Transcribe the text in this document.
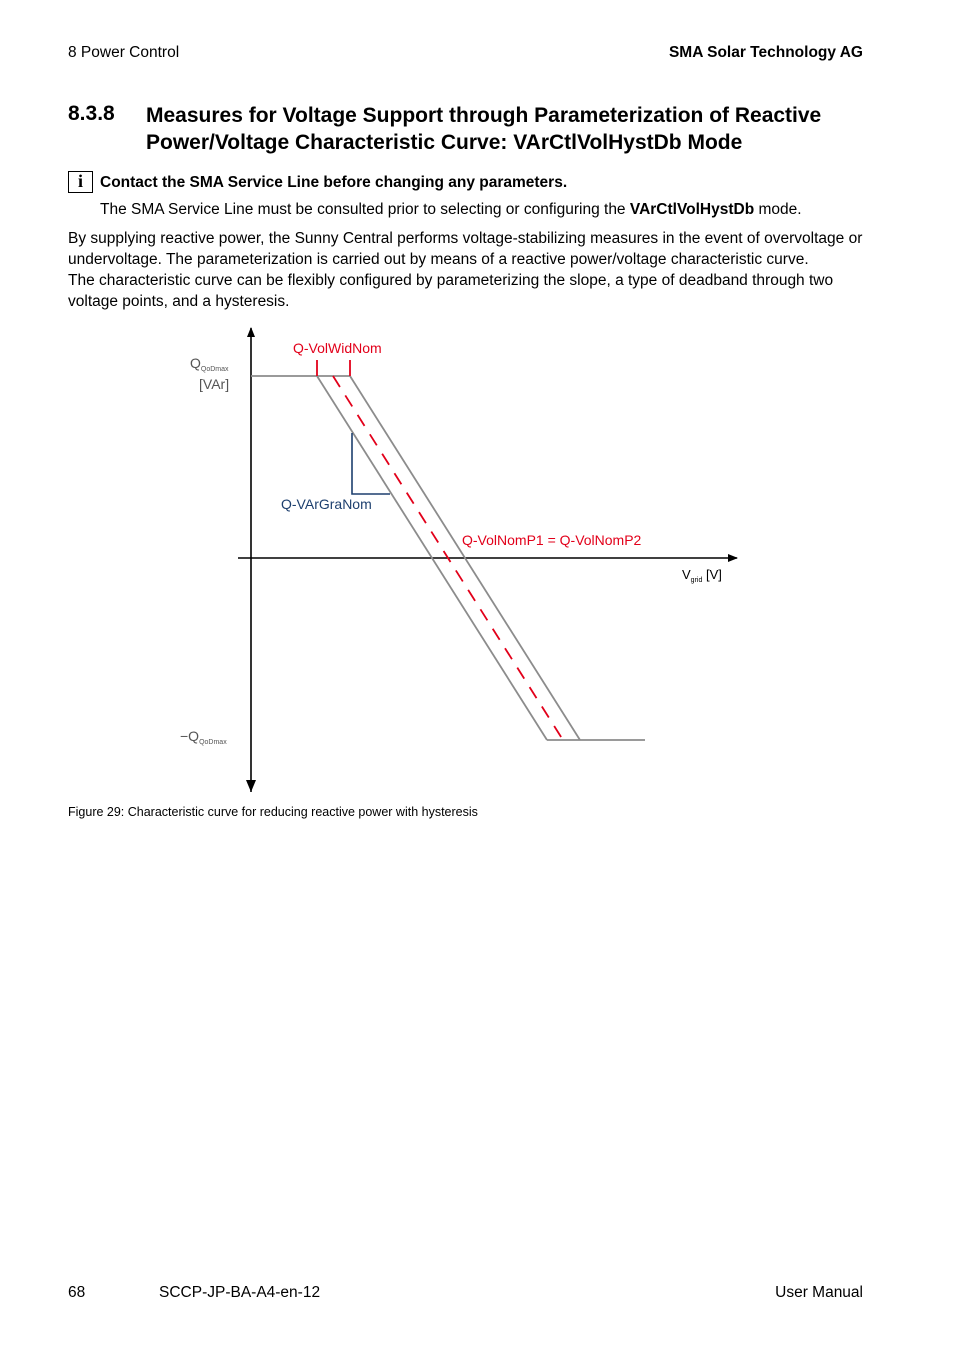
8 Power Control	SMA Solar Technology AG
8.3.8 Measures for Voltage Support through Parameterization of Reactive Power/Voltage Characteristic Curve: VArCtlVolHystDb Mode
i	Contact the SMA Service Line before changing any parameters.
The SMA Service Line must be consulted prior to selecting or configuring the VArCtlVolHystDb mode.
By supplying reactive power, the Sunny Central performs voltage-stabilizing measures in the event of overvoltage or undervoltage. The parameterization is carried out by means of a reactive power/voltage characteristic curve.
The characteristic curve can be flexibly configured by parameterizing the slope, a type of deadband through two voltage points, and a hysteresis.
Q-VolWidNom
Q-VArGraNom
Q-VolNomP1 = Q-VolNomP2
$Q_{QoDmax}$
[VAr]
$-Q_{QoDmax}$
$V_{grid}$ [V]
Figure 29: Characteristic curve for reducing reactive power with hysteresis
68	SCCP-JP-BA-A4-en-12	User Manual
